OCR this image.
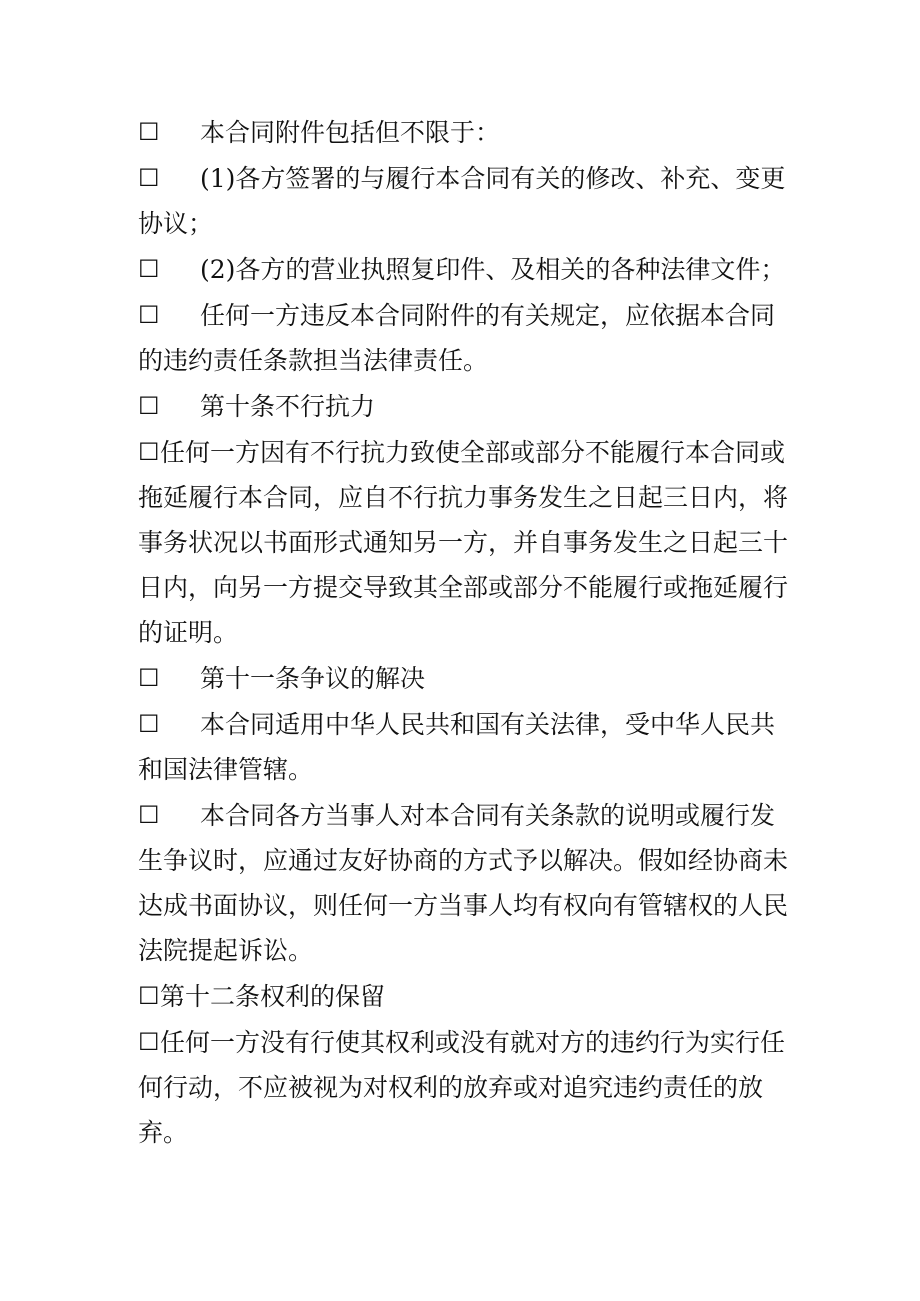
☐ 本合同附件包括但不限于：

☐ (1)各方签署的与履行本合同有关的修改、补充、变更协议；

☐ (2)各方的营业执照复印件、及相关的各种法律文件；

☐ 任何一方违反本合同附件的有关规定，应依据本合同的违约责任条款担当法律责任。

☐ 第十条不行抗力

☐任何一方因有不行抗力致使全部或部分不能履行本合同或拖延履行本合同，应自不行抗力事务发生之日起三日内，将事务状况以书面形式通知另一方，并自事务发生之日起三十日内，向另一方提交导致其全部或部分不能履行或拖延履行的证明。

☐ 第十一条争议的解决

☐ 本合同适用中华人民共和国有关法律，受中华人民共和国法律管辖。

☐ 本合同各方当事人对本合同有关条款的说明或履行发生争议时，应通过友好协商的方式予以解决。假如经协商未达成书面协议，则任何一方当事人均有权向有管辖权的人民法院提起诉讼。

☐第十二条权利的保留

☐任何一方没有行使其权利或没有就对方的违约行为实行任何行动，不应被视为对权利的放弃或对追究违约责任的放弃。
